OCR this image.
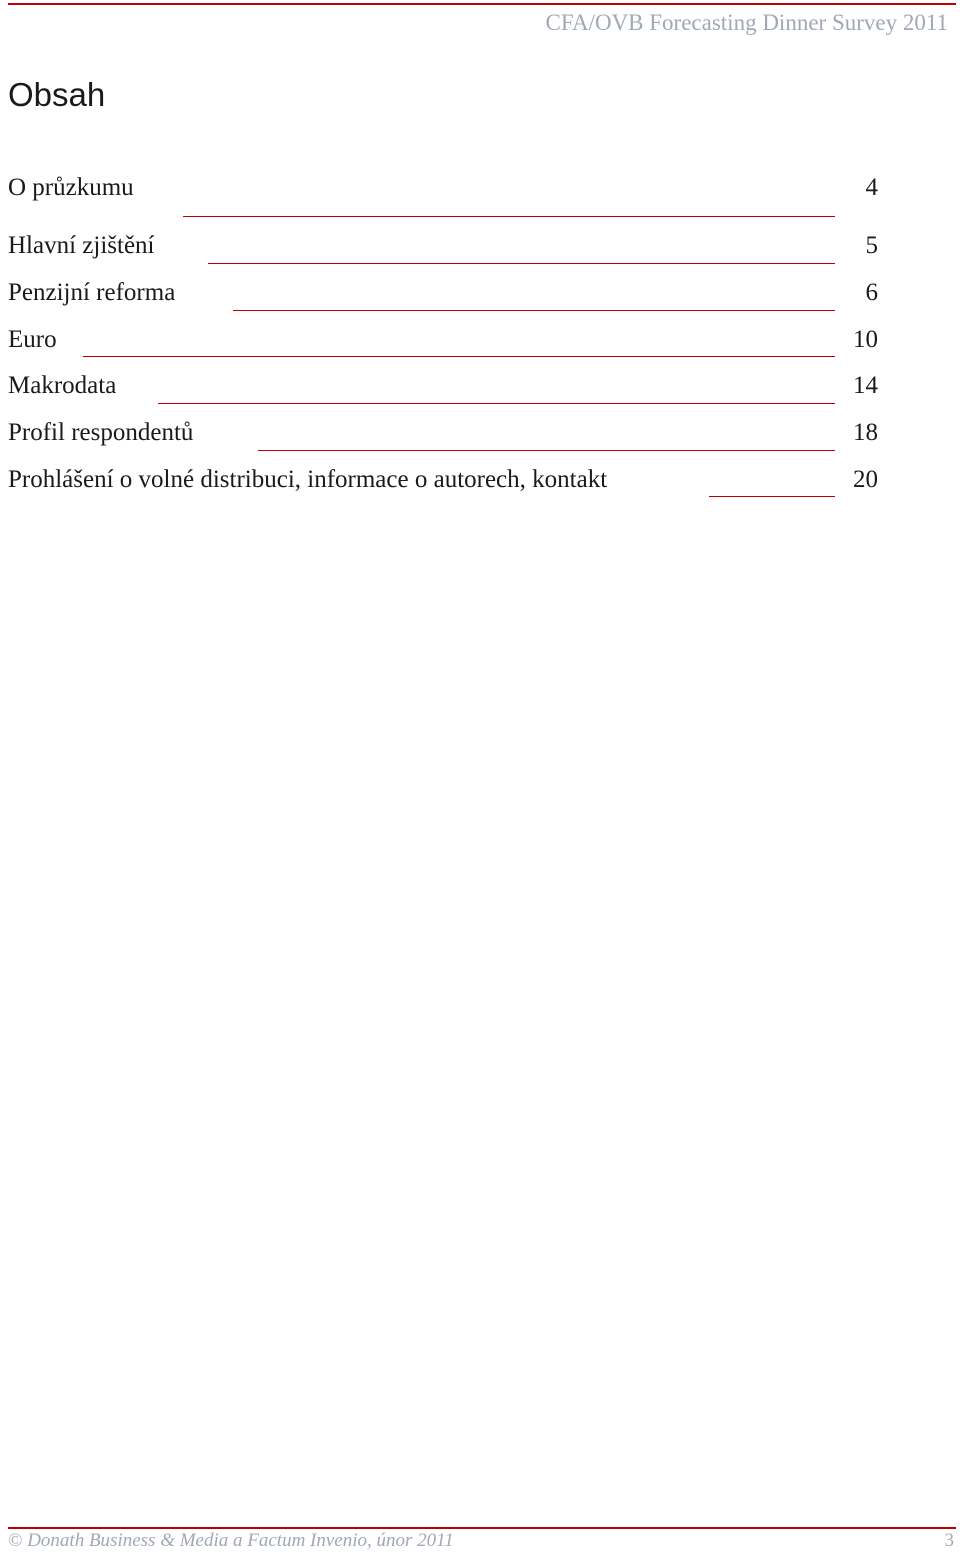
CFA/OVB Forecasting Dinner Survey 2011
Obsah
O průzkumu	4
Hlavní zjištění	5
Penzijní reforma	6
Euro	10
Makrodata	14
Profil respondentů	18
Prohlášení o volné distribuci, informace o autorech, kontakt	20
© Donath Business & Media a Factum Invenio, únor 2011	3
